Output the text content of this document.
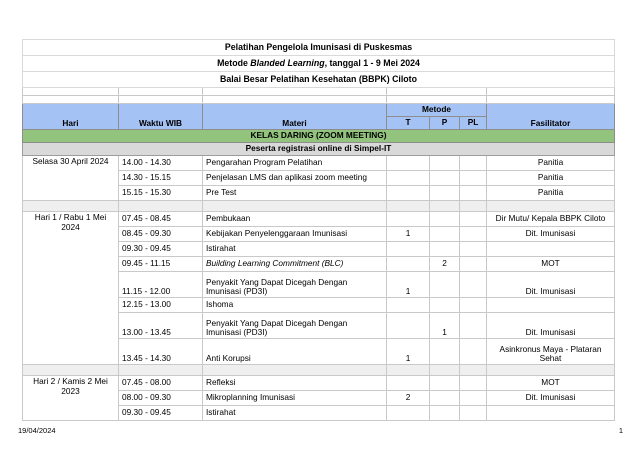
Pelatihan Pengelola Imunisasi di Puskesmas						
Metode Blanded Learning, tanggal 1 - 9 Mei 2024						
Balai Besar Pelatihan Kesehatan (BBPK) Ciloto						

Hari	Waktu WIB	Materi	Metode			Fasilitator
			T	P	PL	
KELAS DARING (ZOOM MEETING)						
Peserta registrasi online di Simpel-IT						
Selasa 30 April 2024	14.00 - 14.30	Pengarahan Program Pelatihan				Panitia
	14.30 - 15.15	Penjelasan LMS dan aplikasi zoom meeting				Panitia
	15.15 - 15.30	Pre Test				Panitia

Hari 1 / Rabu 1 Mei 2024	07.45 - 08.45	Pembukaan				Dir Mutu/ Kepala BBPK Ciloto
	08.45 - 09.30	Kebijakan Penyelenggaraan Imunisasi	1			Dit. Imunisasi
	09.30 - 09.45	Istirahat				
	09.45 - 11.15	Building Learning Commitment (BLC)		2		MOT
	11.15 - 12.00	Penyakit Yang Dapat Dicegah Dengan Imunisasi (PD3I)	1			Dit. Imunisasi
	12.15 - 13.00	Ishoma				
	13.00 - 13.45	Penyakit Yang Dapat Dicegah Dengan Imunisasi (PD3I)		1		Dit. Imunisasi
	13.45 - 14.30	Anti Korupsi	1			Asinkronus Maya - Plataran Sehat

Hari 2 / Kamis 2 Mei 2023	07.45 - 08.00	Refleksi				MOT
	08.00 - 09.30	Mikroplanning Imunisasi	2			Dit. Imunisasi
	09.30 - 09.45	Istirahat				
19/04/2024	1
